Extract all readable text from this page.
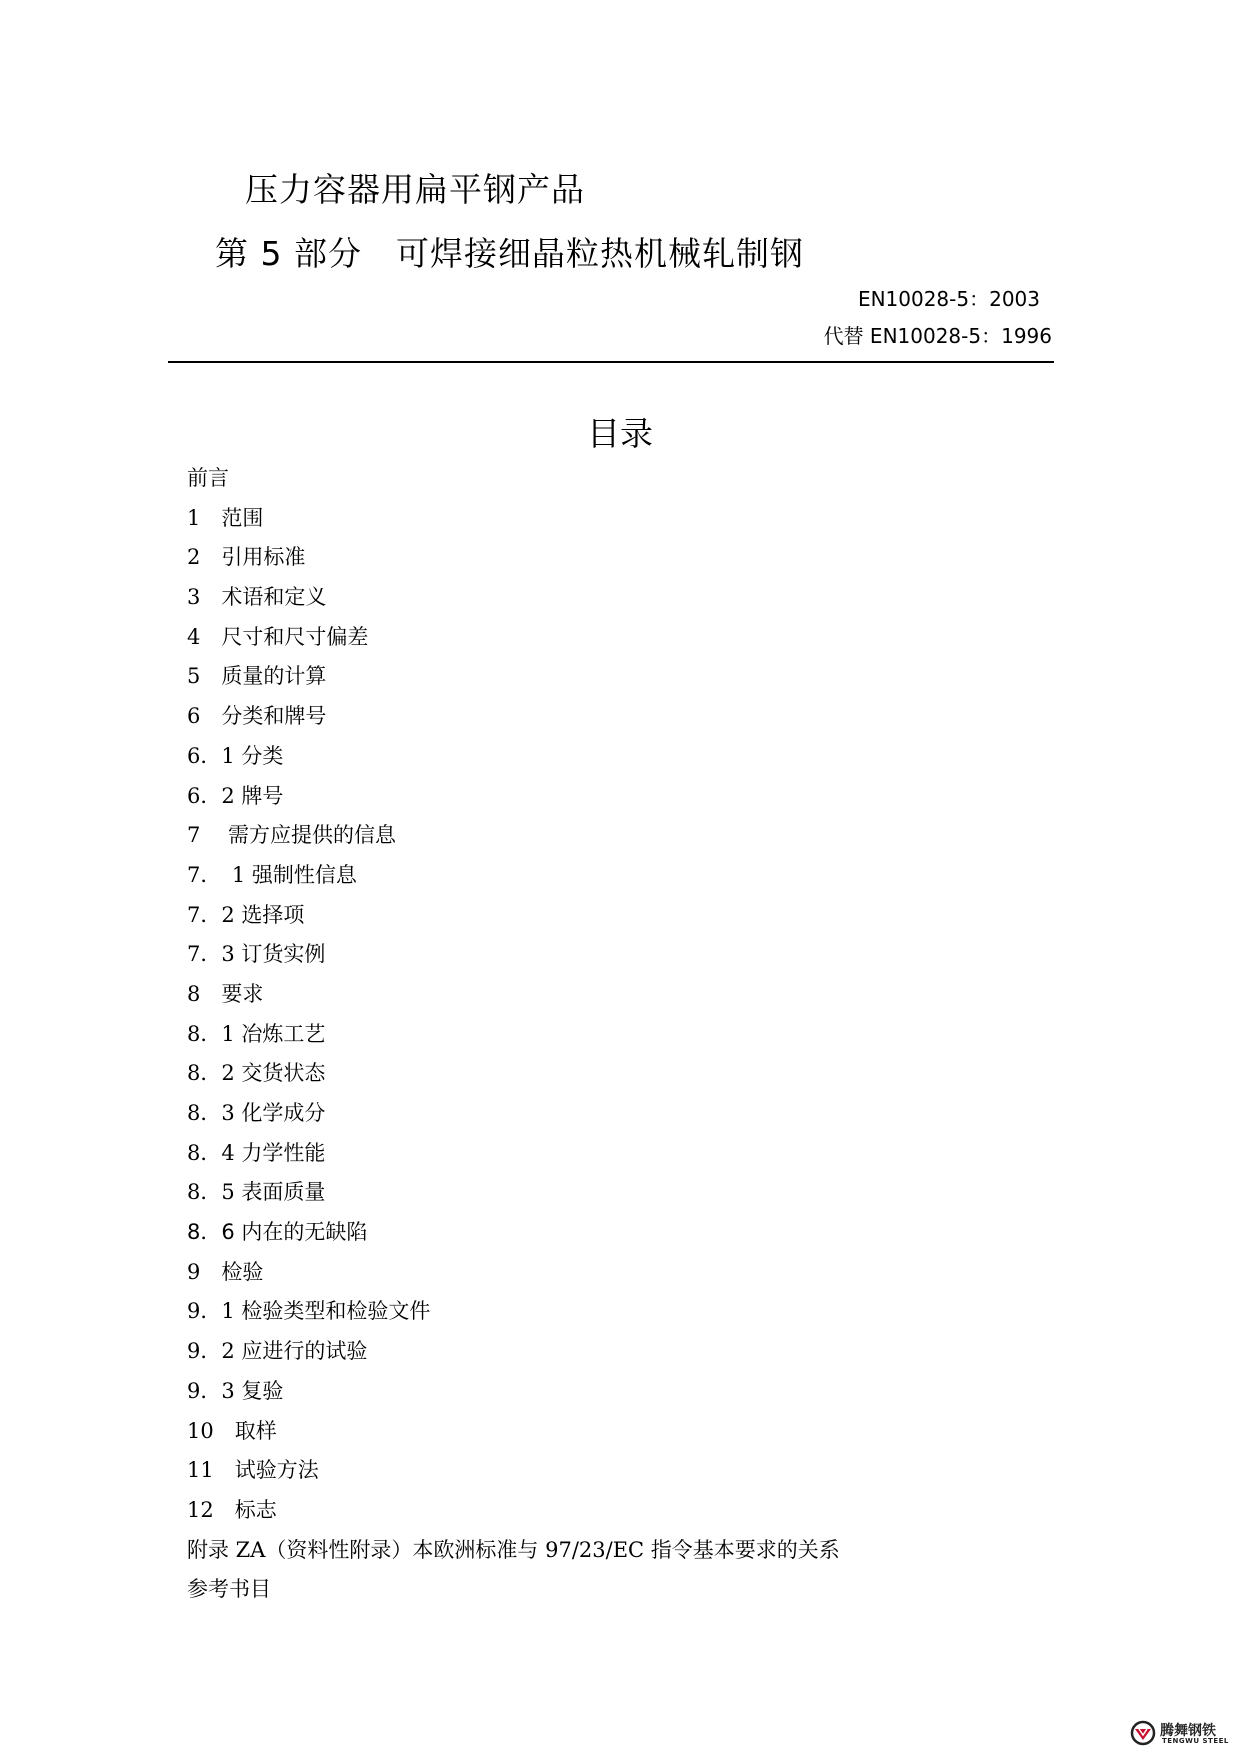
压力容器用扁平钢产品
第 5 部分　可焊接细晶粒热机械轧制钢
EN10028-5：2003
代替 EN10028-5：1996
目录
前言
1　范围
2　引用标准
3　术语和定义
4　尺寸和尺寸偏差
5　质量的计算
6　分类和牌号
6．1 分类
6．2 牌号
7　 需方应提供的信息
7．　1 强制性信息
7．2 选择项
7．3 订货实例
8　要求
8．1 冶炼工艺
8．2 交货状态
8．3 化学成分
8．4 力学性能
8．5 表面质量
8．6 内在的无缺陷
9　检验
9．1 检验类型和检验文件
9．2 应进行的试验
9．3 复验
10　取样
11　试验方法
12　标志
附录 ZA（资料性附录）本欧洲标准与 97/23/EC 指令基本要求的关系
参考书目
腾舞钢铁
TENGWU STEEL
